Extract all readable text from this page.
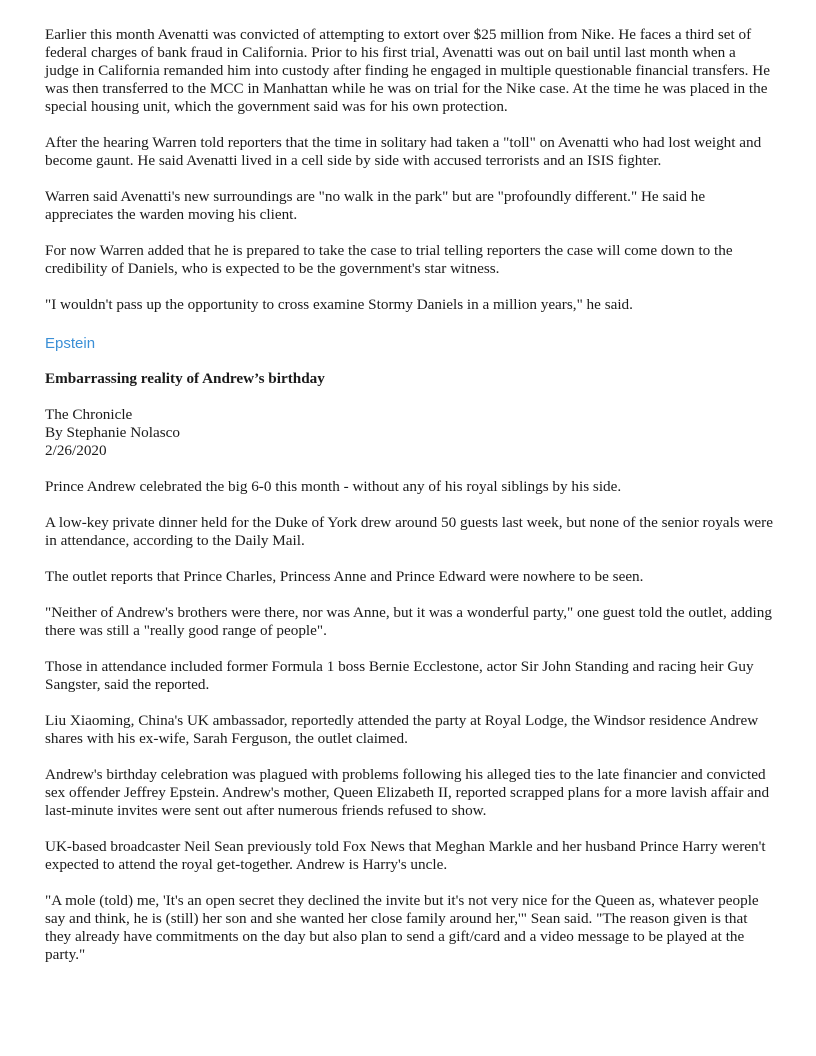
Earlier this month Avenatti was convicted of attempting to extort over $25 million from Nike. He faces a third set of federal charges of bank fraud in California. Prior to his first trial, Avenatti was out on bail until last month when a judge in California remanded him into custody after finding he engaged in multiple questionable financial transfers. He was then transferred to the MCC in Manhattan while he was on trial for the Nike case. At the time he was placed in the special housing unit, which the government said was for his own protection.

After the hearing Warren told reporters that the time in solitary had taken a "toll" on Avenatti who had lost weight and become gaunt. He said Avenatti lived in a cell side by side with accused terrorists and an ISIS fighter.

Warren said Avenatti's new surroundings are "no walk in the park" but are "profoundly different." He said he appreciates the warden moving his client.

For now Warren added that he is prepared to take the case to trial telling reporters the case will come down to the credibility of Daniels, who is expected to be the government's star witness.

"I wouldn't pass up the opportunity to cross examine Stormy Daniels in a million years," he said.

Epstein

Embarrassing reality of Andrew’s birthday

The Chronicle
By Stephanie Nolasco
2/26/2020

Prince Andrew celebrated the big 6-0 this month - without any of his royal siblings by his side.

A low-key private dinner held for the Duke of York drew around 50 guests last week, but none of the senior royals were in attendance, according to the Daily Mail.

The outlet reports that Prince Charles, Princess Anne and Prince Edward were nowhere to be seen.

"Neither of Andrew's brothers were there, nor was Anne, but it was a wonderful party," one guest told the outlet, adding there was still a "really good range of people".

Those in attendance included former Formula 1 boss Bernie Ecclestone, actor Sir John Standing and racing heir Guy Sangster, said the reported.

Liu Xiaoming, China's UK ambassador, reportedly attended the party at Royal Lodge, the Windsor residence Andrew shares with his ex-wife, Sarah Ferguson, the outlet claimed.

Andrew's birthday celebration was plagued with problems following his alleged ties to the late financier and convicted sex offender Jeffrey Epstein. Andrew's mother, Queen Elizabeth II, reported scrapped plans for a more lavish affair and last-minute invites were sent out after numerous friends refused to show.

UK-based broadcaster Neil Sean previously told Fox News that Meghan Markle and her husband Prince Harry weren't expected to attend the royal get-together. Andrew is Harry's uncle.

"A mole (told) me, 'It's an open secret they declined the invite but it's not very nice for the Queen as, whatever people say and think, he is (still) her son and she wanted her close family around her,'" Sean said. "The reason given is that they already have commitments on the day but also plan to send a gift/card and a video message to be played at the party."
